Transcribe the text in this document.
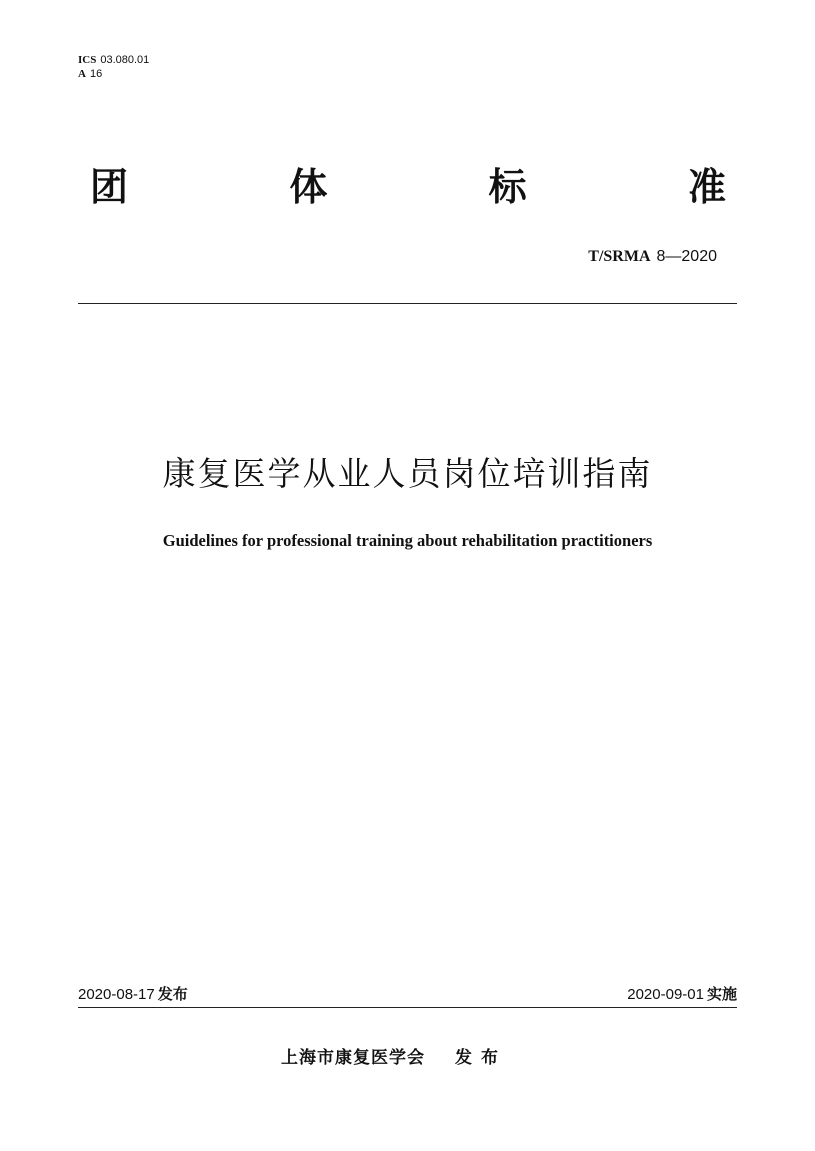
ICS 03.080.01
A 16
团	体	标	准
T/SRMA 8—2020
康复医学从业人员岗位培训指南
Guidelines for professional training about rehabilitation practitioners
2020-08-17 发布	2020-09-01 实施
上海市康复医学会 发布
